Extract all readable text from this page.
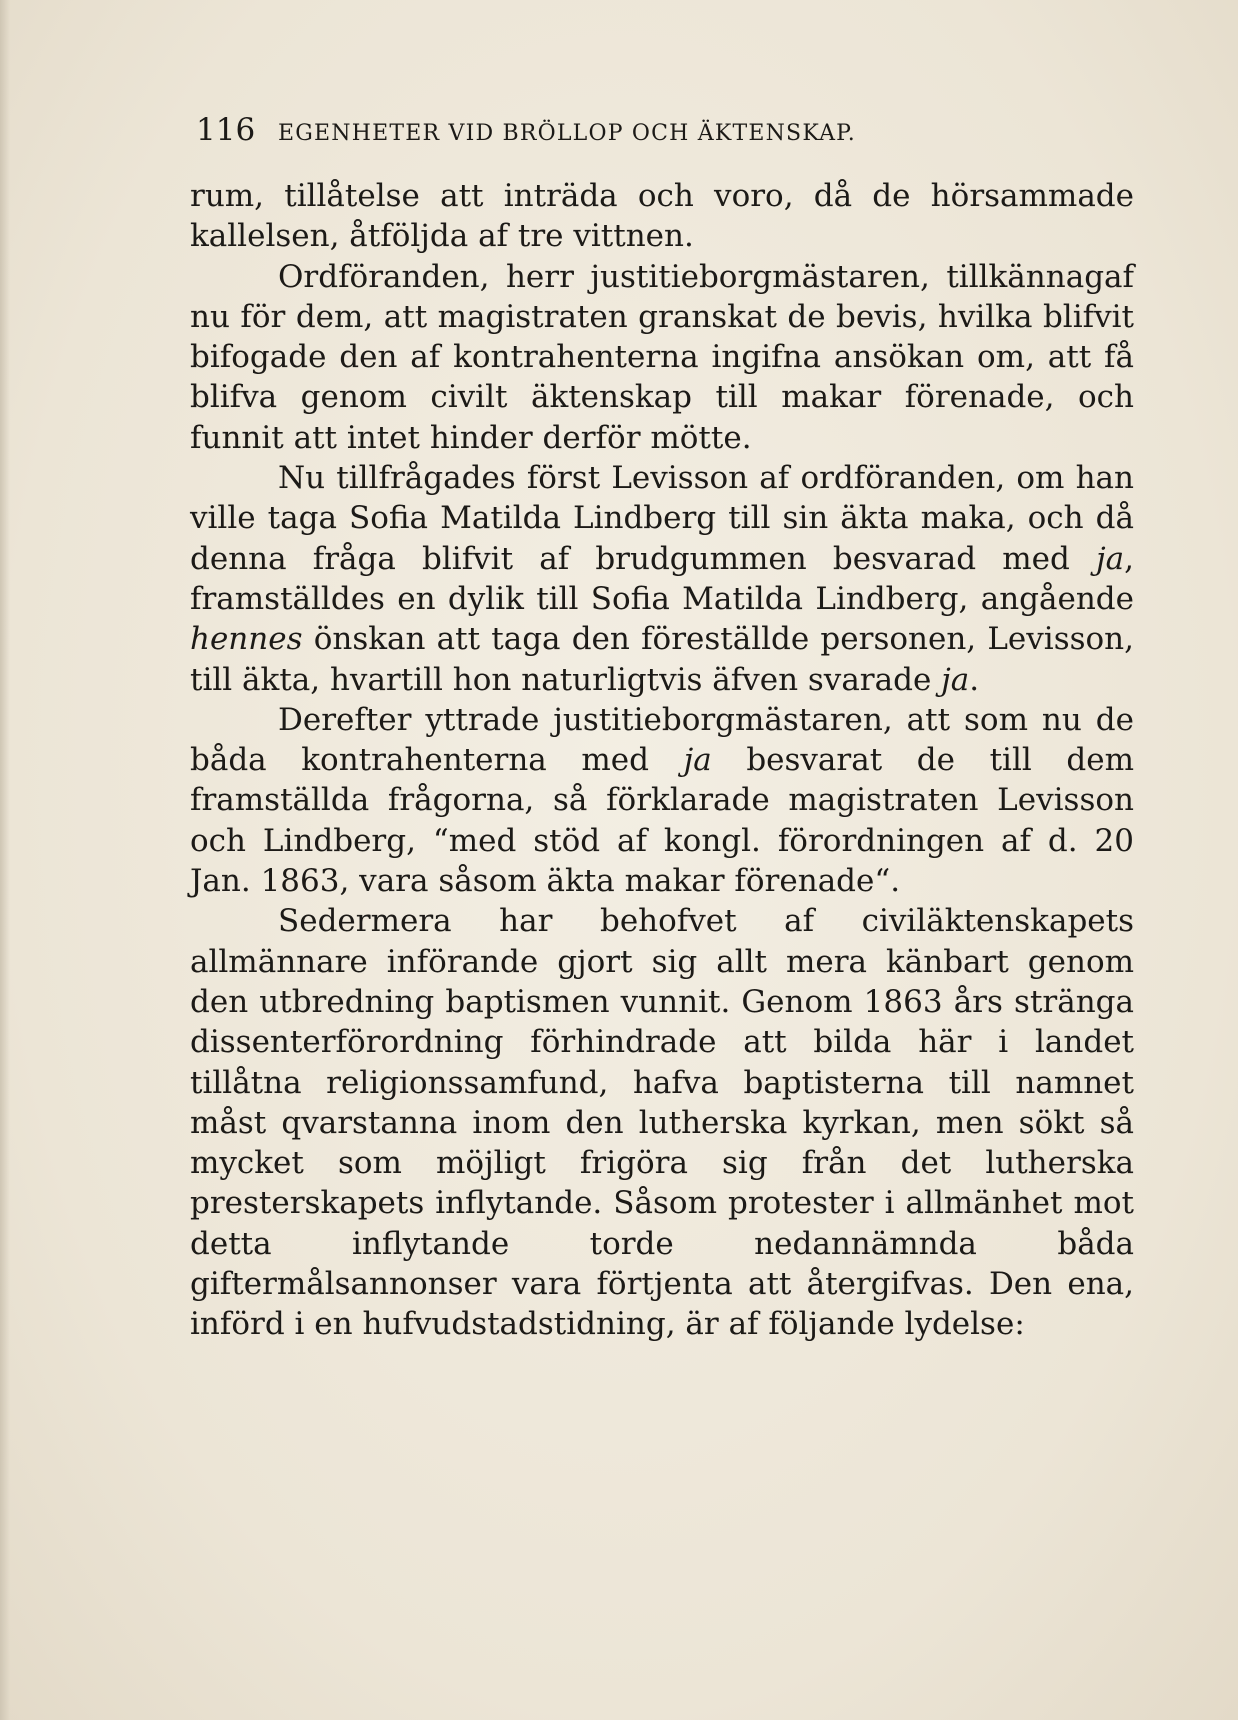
116 EGENHETER VID BRÖLLOP OCH ÄKTENSKAP.

rum, tillåtelse att inträda och voro, då de hörsammade kallelsen, åtföljda af tre vittnen.

Ordföranden, herr justitieborgmästaren, tillkännagaf nu för dem, att magistraten granskat de bevis, hvilka blifvit bifogade den af kontrahenterna ingifna ansökan om, att få blifva genom civilt äktenskap till makar förenade, och funnit att intet hinder derför mötte.

Nu tillfrågades först Levisson af ordföranden, om han ville taga Sofia Matilda Lindberg till sin äkta maka, och då denna fråga blifvit af brudgummen besvarad med ja, framställdes en dylik till Sofia Matilda Lindberg, angående hennes önskan att taga den föreställde personen, Levisson, till äkta, hvartill hon naturligtvis äfven svarade ja.

Derefter yttrade justitieborgmästaren, att som nu de båda kontrahenterna med ja besvarat de till dem framställda frågorna, så förklarade magistraten Levisson och Lindberg, “med stöd af kongl. förordningen af d. 20 Jan. 1863, vara såsom äkta makar förenade“.

Sedermera har behofvet af civiläktenskapets allmännare införande gjort sig allt mera känbart genom den utbredning baptismen vunnit. Genom 1863 års stränga dissenterförordning förhindrade att bilda här i landet tillåtna religionssamfund, hafva baptisterna till namnet måst qvarstanna inom den lutherska kyrkan, men sökt så mycket som möjligt frigöra sig från det lutherska presterskapets inflytande. Såsom protester i allmänhet mot detta inflytande torde nedannämnda båda giftermålsannonser vara förtjenta att återgifvas. Den ena, införd i en hufvudstadstidning, är af följande lydelse:
